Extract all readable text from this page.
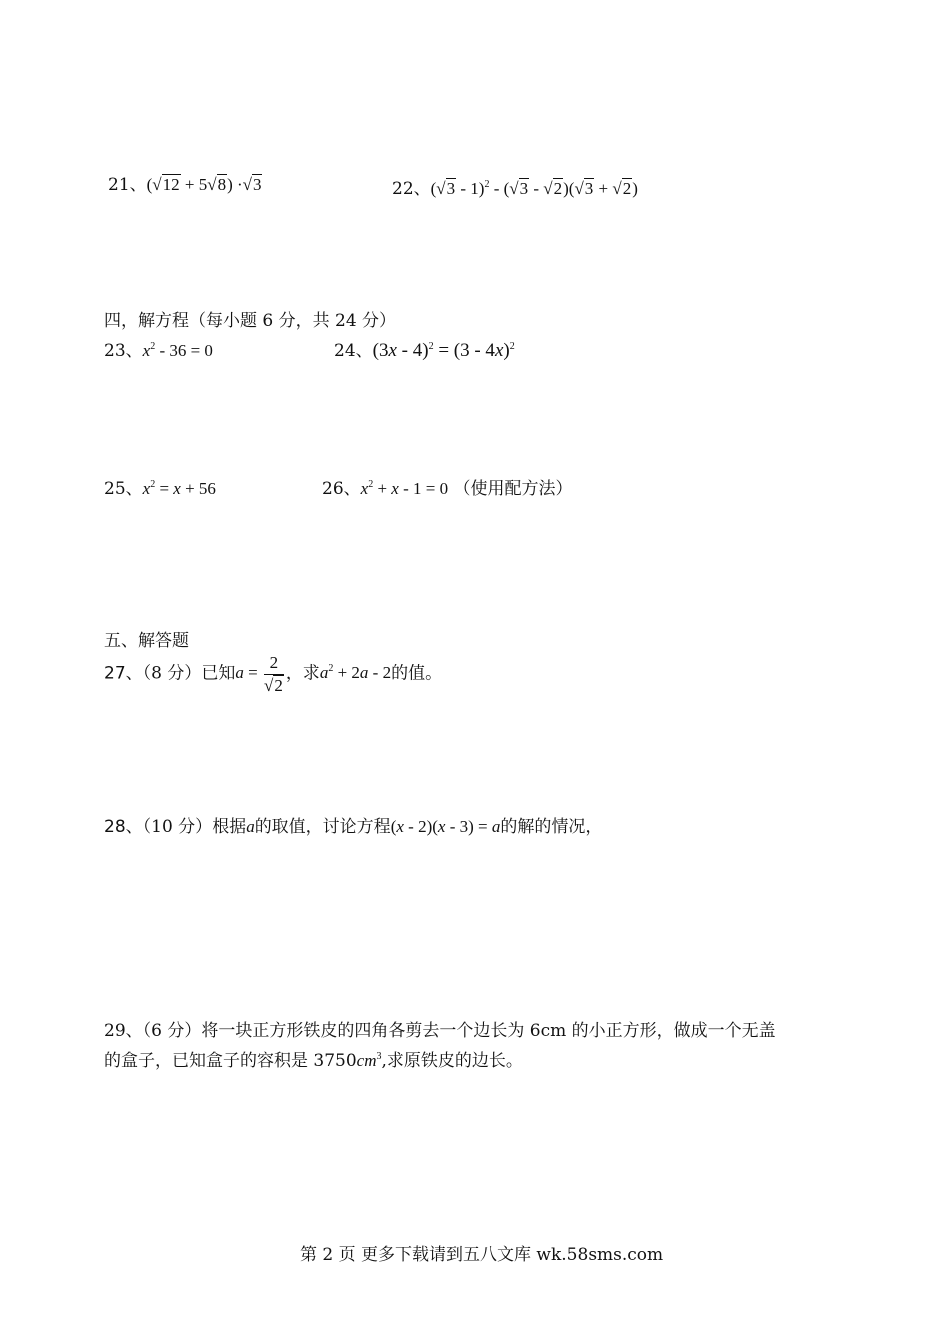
21、(√12 + 5√8) ·√3	22、(√3 - 1)$^2$ - (√3 - √2)(√3 + √2)
四，解方程（每小题 6 分，共 24 分）
23、$x^2 - 36 = 0$	24、(3x - 4)$^2$ = (3 - 4x)$^2$
25、$x^2 = x + 56$	26、$x^2 + x - 1 = 0$ （使用配方法）
五、解答题
27、（8 分）已知$a = \frac{2}{√2}$ ，求$a^2 + 2a - 2$的值。
28、（10 分）根据a的取值，讨论方程(x - 2)(x - 3) = a的解的情况，
29、（6 分）将一块正方形铁皮的四角各剪去一个边长为 6cm 的小正方形，做成一个无盖
的盒子，已知盒子的容积是 $3750cm^3$,求原铁皮的边长。
第 2 页 更多下载请到五八文库 wk.58sms.com
